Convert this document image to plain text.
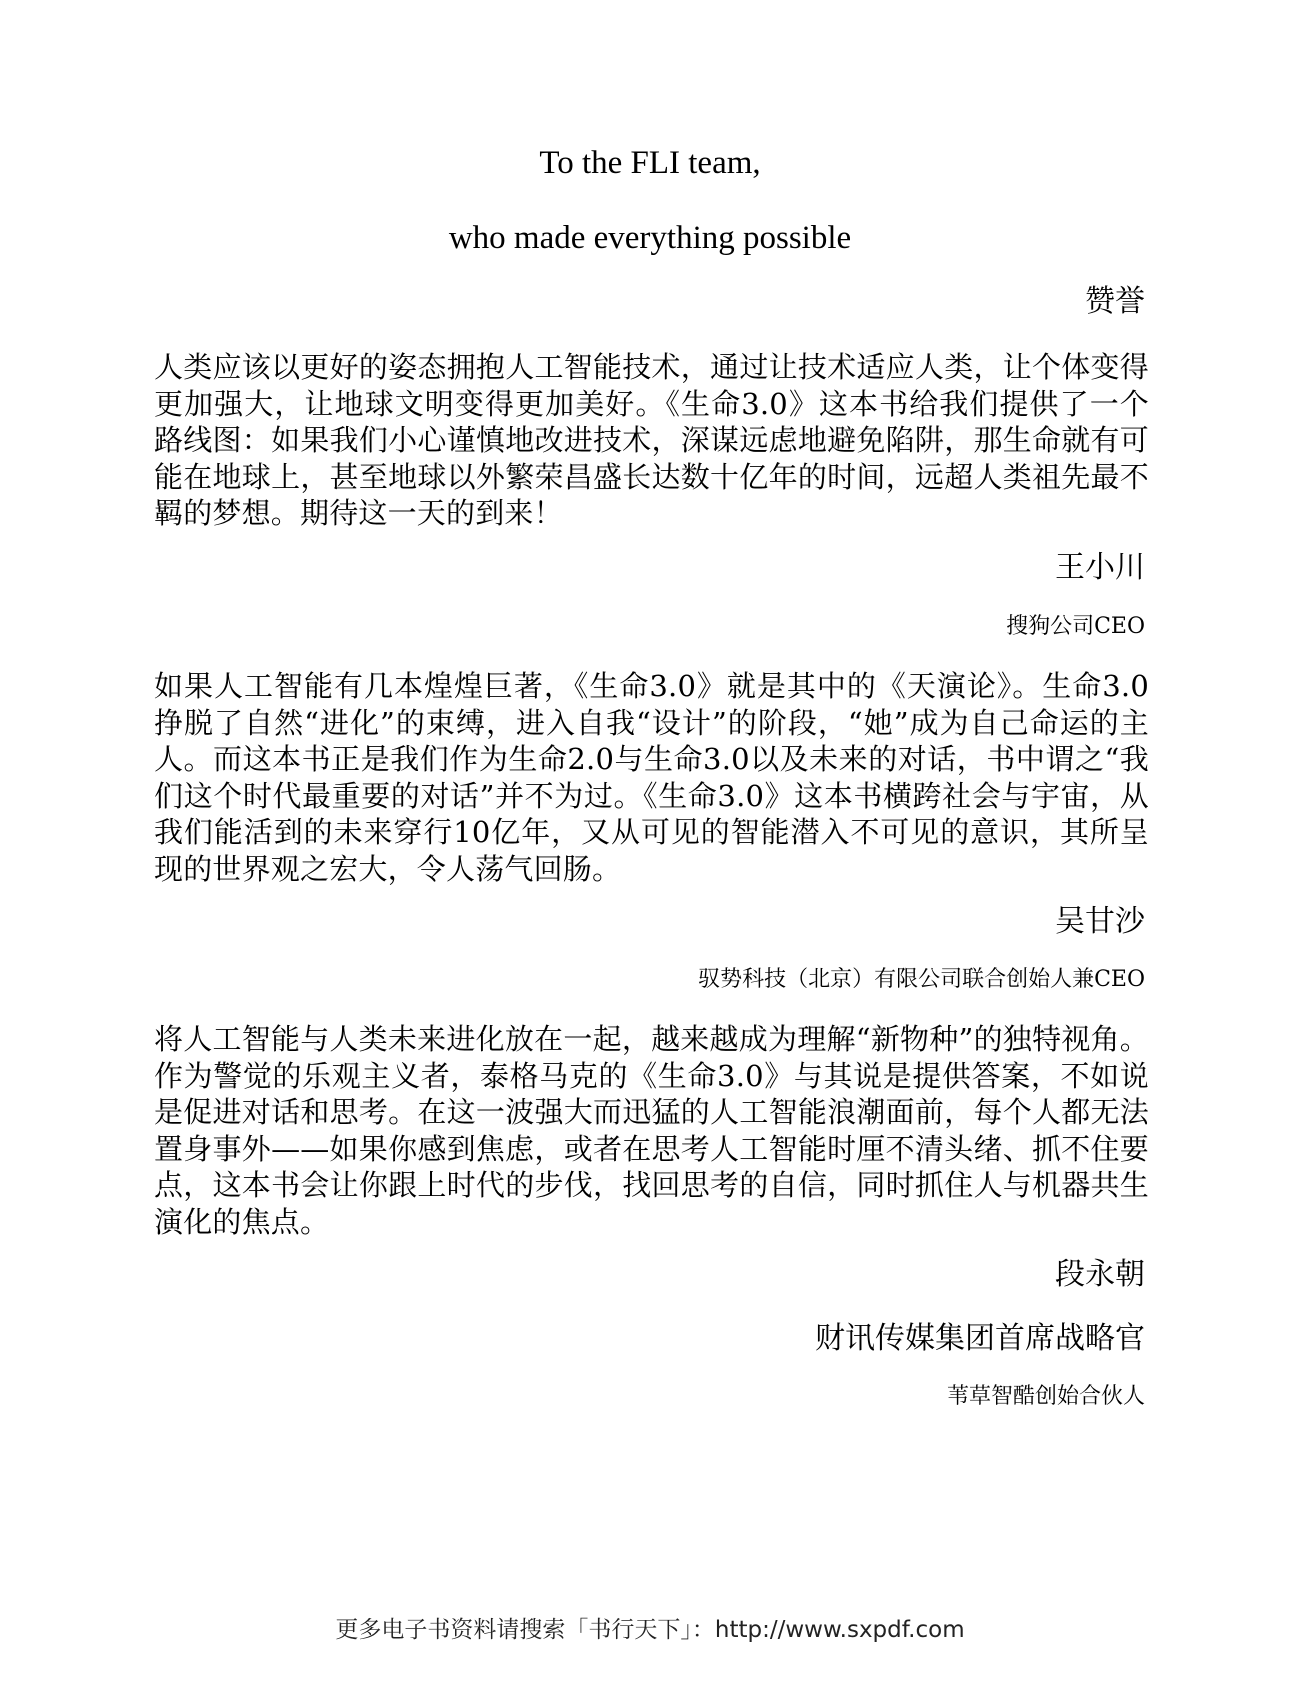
To the FLI team,
who made everything possible
赞誉
人类应该以更好的姿态拥抱人工智能技术，通过让技术适应人类，让个体变得更加强大，让地球文明变得更加美好。《生命3.0》这本书给我们提供了一个路线图：如果我们小心谨慎地改进技术，深谋远虑地避免陷阱，那生命就有可能在地球上，甚至地球以外繁荣昌盛长达数十亿年的时间，远超人类祖先最不羁的梦想。期待这一天的到来！
王小川
搜狗公司CEO
如果人工智能有几本煌煌巨著，《生命3.0》就是其中的《天演论》。生命3.0挣脱了自然“进化”的束缚，进入自我“设计”的阶段，“她”成为自己命运的主人。而这本书正是我们作为生命2.0与生命3.0以及未来的对话，书中谓之“我们这个时代最重要的对话”并不为过。《生命3.0》这本书横跨社会与宇宙，从我们能活到的未来穿行10亿年，又从可见的智能潜入不可见的意识，其所呈现的世界观之宏大，令人荡气回肠。
吴甘沙
驭势科技（北京）有限公司联合创始人兼CEO
将人工智能与人类未来进化放在一起，越来越成为理解“新物种”的独特视角。作为警觉的乐观主义者，泰格马克的《生命3.0》与其说是提供答案，不如说是促进对话和思考。在这一波强大而迅猛的人工智能浪潮面前，每个人都无法置身事外——如果你感到焦虑，或者在思考人工智能时厘不清头绪、抓不住要点，这本书会让你跟上时代的步伐，找回思考的自信，同时抓住人与机器共生演化的焦点。
段永朝
财讯传媒集团首席战略官
苇草智酷创始合伙人
更多电子书资料请搜索「书行天下」：http://www.sxpdf.com
